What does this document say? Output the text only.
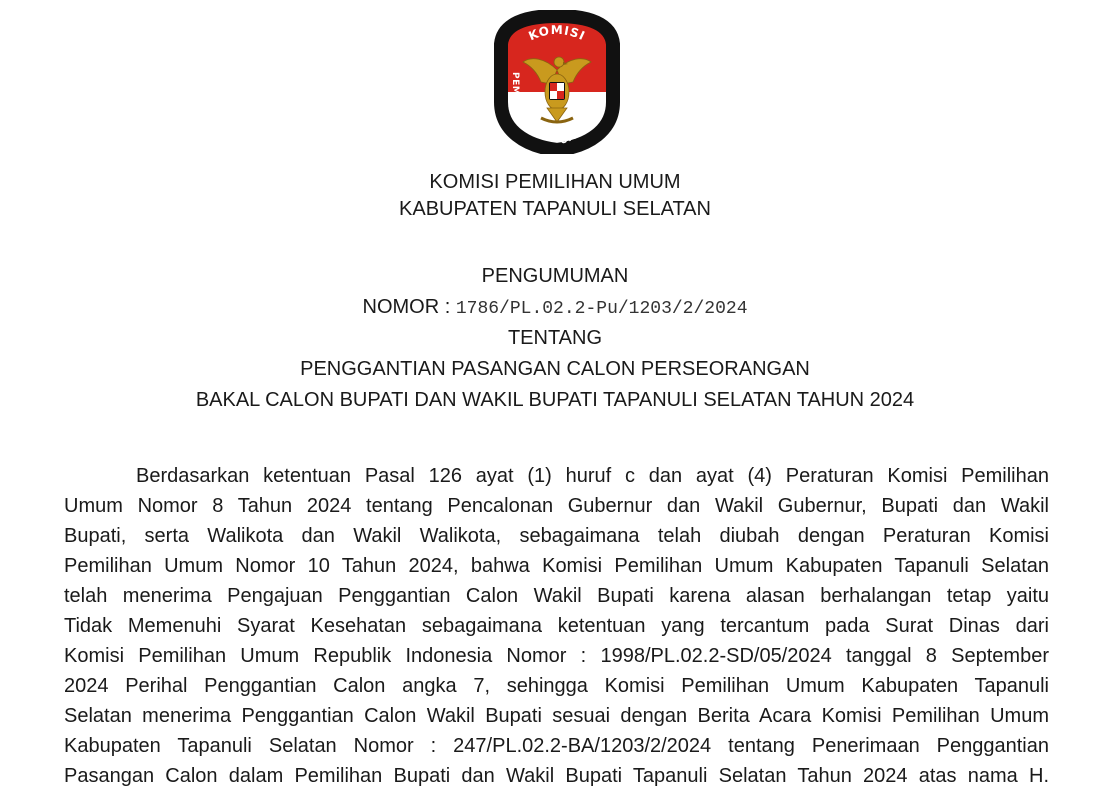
KOMISI
PEMILIHAN
UMUM
KOMISI PEMILIHAN UMUM
KABUPATEN TAPANULI SELATAN
PENGUMUMAN
NOMOR : 1786/PL.02.2-Pu/1203/2/2024
TENTANG
PENGGANTIAN PASANGAN CALON PERSEORANGAN
BAKAL CALON BUPATI DAN WAKIL BUPATI TAPANULI SELATAN TAHUN 2024
Berdasarkan ketentuan Pasal 126 ayat (1) huruf c dan ayat (4) Peraturan Komisi Pemilihan
Umum Nomor 8 Tahun 2024 tentang Pencalonan Gubernur dan Wakil Gubernur, Bupati dan Wakil
Bupati, serta Walikota dan Wakil Walikota, sebagaimana telah diubah dengan Peraturan Komisi
Pemilihan Umum Nomor 10 Tahun 2024, bahwa Komisi Pemilihan Umum Kabupaten Tapanuli Selatan
telah menerima Pengajuan Penggantian Calon Wakil Bupati karena alasan berhalangan tetap yaitu
Tidak Memenuhi Syarat Kesehatan sebagaimana ketentuan yang tercantum pada Surat Dinas dari
Komisi Pemilihan Umum Republik Indonesia Nomor : 1998/PL.02.2-SD/05/2024 tanggal 8 September
2024 Perihal Penggantian Calon angka 7, sehingga Komisi Pemilihan Umum Kabupaten Tapanuli
Selatan menerima Penggantian Calon Wakil Bupati sesuai dengan Berita Acara Komisi Pemilihan Umum
Kabupaten Tapanuli Selatan Nomor : 247/PL.02.2-BA/1203/2/2024 tentang Penerimaan Penggantian
Pasangan Calon dalam Pemilihan Bupati dan Wakil Bupati Tapanuli Selatan Tahun 2024 atas nama H.
